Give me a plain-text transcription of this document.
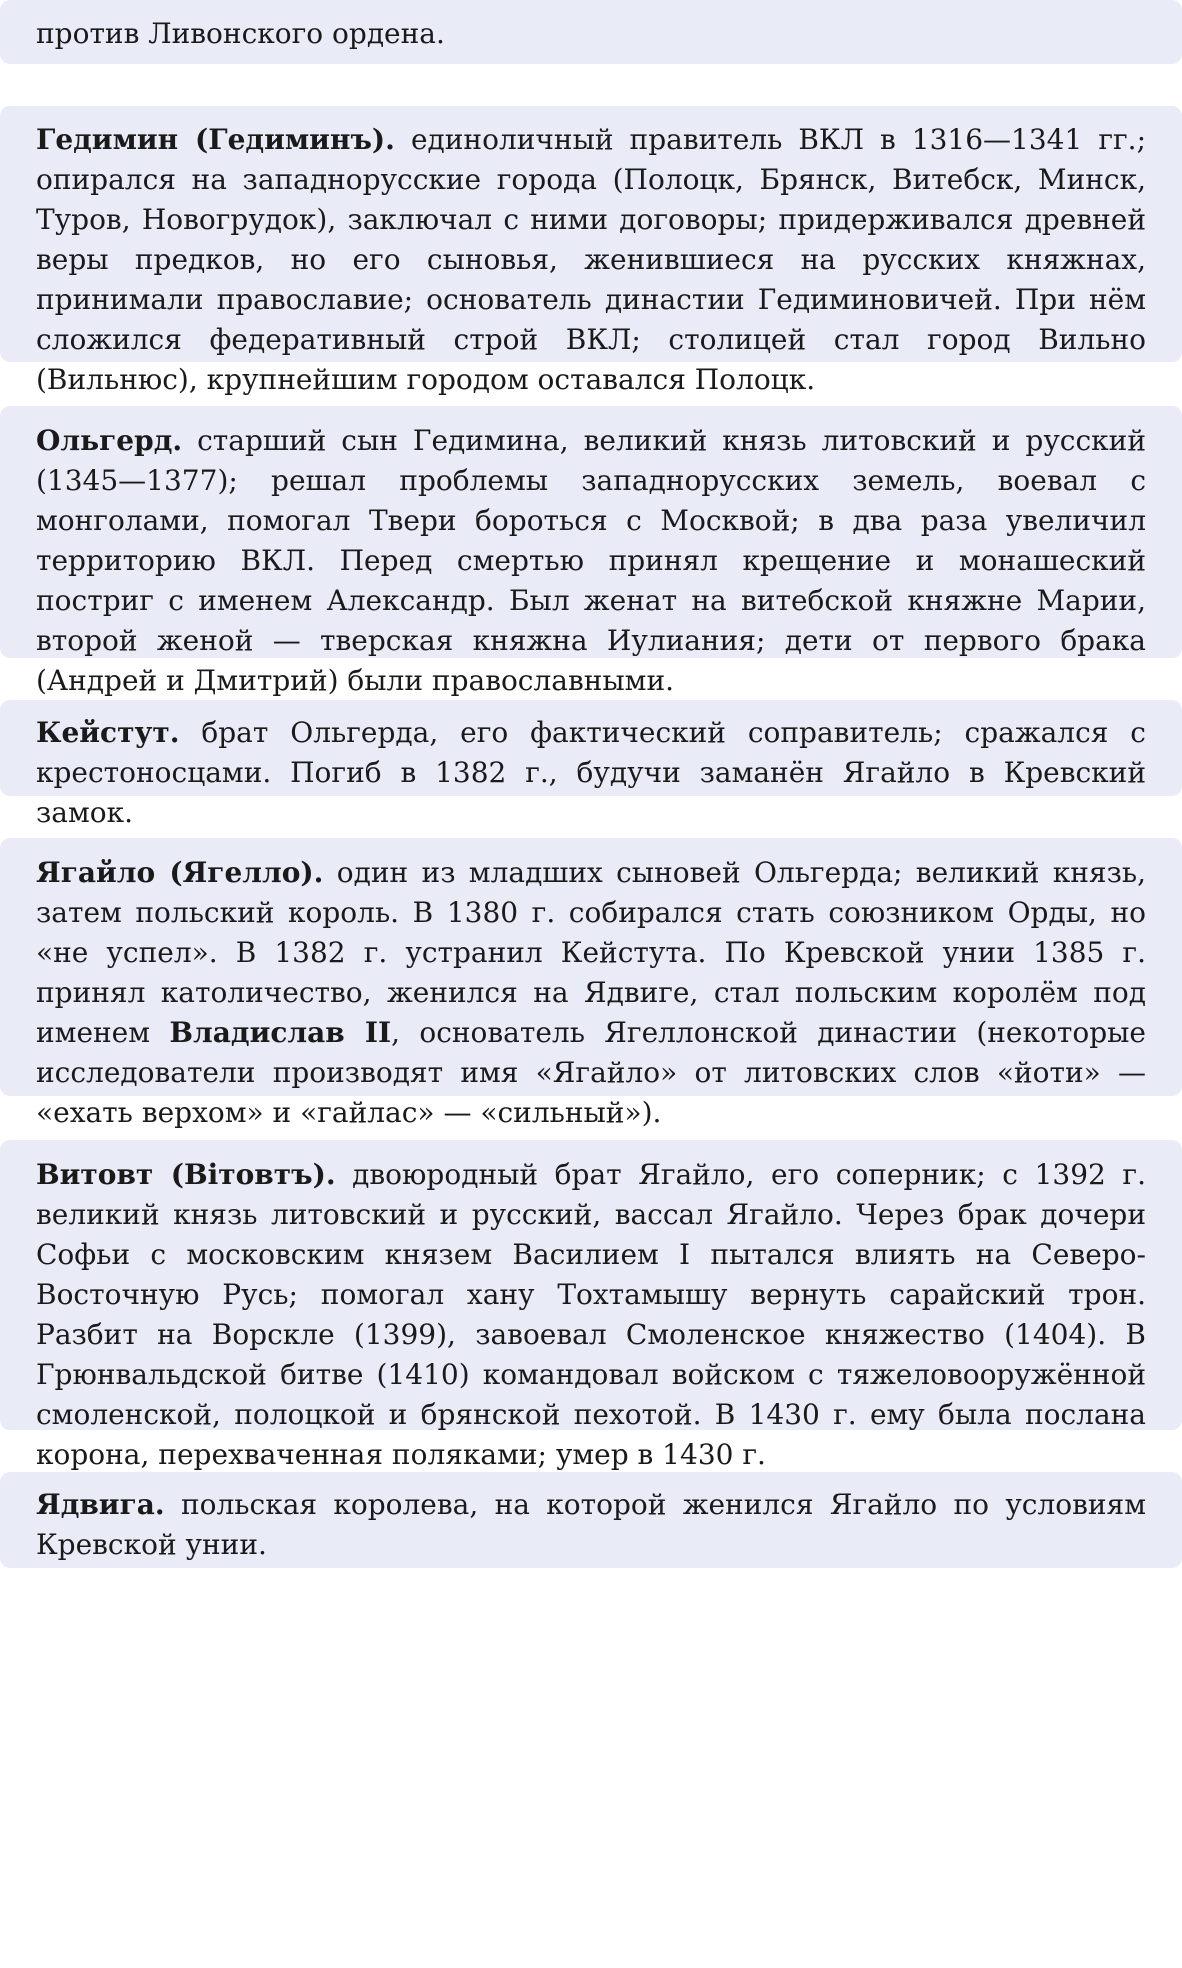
против Ливонского ордена.

Гедимин (Гедиминъ). единоличный правитель ВКЛ в 1316—1341 гг.; опирался на западнорусские города (Полоцк, Брянск, Витебск, Минск, Туров, Новогрудок), заключал с ними договоры; придерживался древней веры предков, но его сыновья, женившиеся на русских княжнах, принимали православие; основатель династии Гедиминовичей. При нём сложился федеративный строй ВКЛ; столицей стал город Вильно (Вильнюс), крупнейшим городом оставался Полоцк.

Ольгерд. старший сын Гедимина, великий князь литовский и русский (1345—1377); решал проблемы западнорусских земель, воевал с монголами, помогал Твери бороться с Москвой; в два раза увеличил территорию ВКЛ. Перед смертью принял крещение и монашеский постриг с именем Александр. Был женат на витебской княжне Марии, второй женой — тверская княжна Иулиания; дети от первого брака (Андрей и Дмитрий) были православными.

Кейстут. брат Ольгерда, его фактический соправитель; сражался с крестоносцами. Погиб в 1382 г., будучи заманён Ягайло в Кревский замок.

Ягайло (Ягелло). один из младших сыновей Ольгерда; великий князь, затем польский король. В 1380 г. собирался стать союзником Орды, но «не успел». В 1382 г. устранил Кейстута. По Кревской унии 1385 г. принял католичество, женился на Ядвиге, стал польским королём под именем Владислав II, основатель Ягеллонской династии (некоторые исследователи производят имя «Ягайло» от литовских слов «йоти» — «ехать верхом» и «гайлас» — «сильный»).

Витовт (Вітовтъ). двоюродный брат Ягайло, его соперник; с 1392 г. великий князь литовский и русский, вассал Ягайло. Через брак дочери Софьи с московским князем Василием I пытался влиять на Северо-Восточную Русь; помогал хану Тохтамышу вернуть сарайский трон. Разбит на Ворскле (1399), завоевал Смоленское княжество (1404). В Грюнвальдской битве (1410) командовал войском с тяжеловооружённой смоленской, полоцкой и брянской пехотой. В 1430 г. ему была послана корона, перехваченная поляками; умер в 1430 г.

Ядвига. польская королева, на которой женился Ягайло по условиям Кревской унии.
